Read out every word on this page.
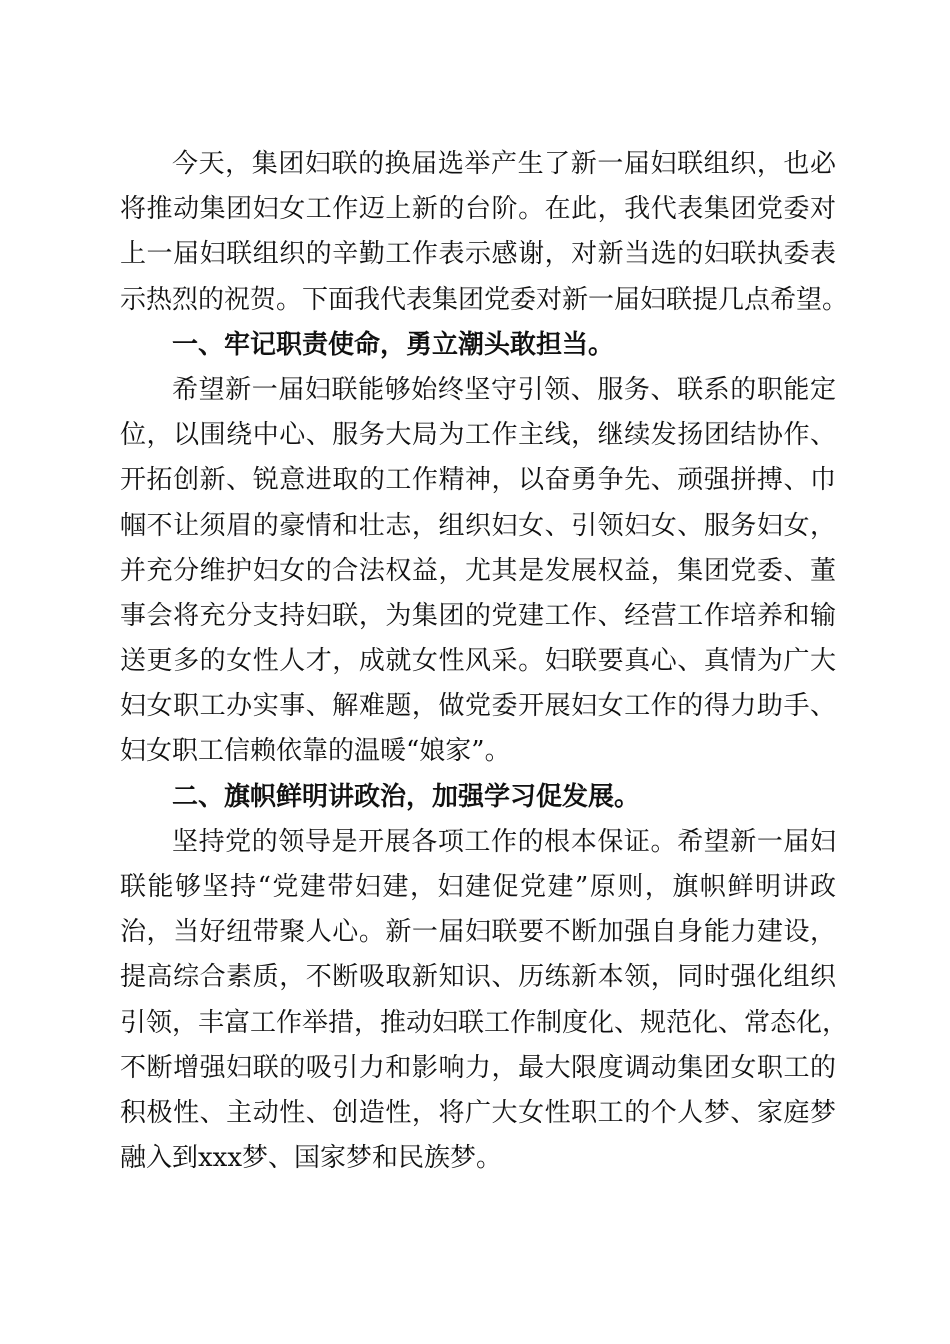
今天，集团妇联的换届选举产生了新一届妇联组织，也必
将推动集团妇女工作迈上新的台阶。在此，我代表集团党委对
上一届妇联组织的辛勤工作表示感谢，对新当选的妇联执委表
示热烈的祝贺。下面我代表集团党委对新一届妇联提几点希望。
一、牢记职责使命，勇立潮头敢担当。
希望新一届妇联能够始终坚守引领、服务、联系的职能定
位，以围绕中心、服务大局为工作主线，继续发扬团结协作、
开拓创新、锐意进取的工作精神，以奋勇争先、顽强拼搏、巾
帼不让须眉的豪情和壮志，组织妇女、引领妇女、服务妇女，
并充分维护妇女的合法权益，尤其是发展权益，集团党委、董
事会将充分支持妇联，为集团的党建工作、经营工作培养和输
送更多的女性人才，成就女性风采。妇联要真心、真情为广大
妇女职工办实事、解难题，做党委开展妇女工作的得力助手、
妇女职工信赖依靠的温暖“娘家”。
二、旗帜鲜明讲政治，加强学习促发展。
坚持党的领导是开展各项工作的根本保证。希望新一届妇
联能够坚持“党建带妇建，妇建促党建”原则，旗帜鲜明讲政
治，当好纽带聚人心。新一届妇联要不断加强自身能力建设，
提高综合素质，不断吸取新知识、历练新本领，同时强化组织
引领，丰富工作举措，推动妇联工作制度化、规范化、常态化，
不断增强妇联的吸引力和影响力，最大限度调动集团女职工的
积极性、主动性、创造性，将广大女性职工的个人梦、家庭梦
融入到xxx梦、国家梦和民族梦。
